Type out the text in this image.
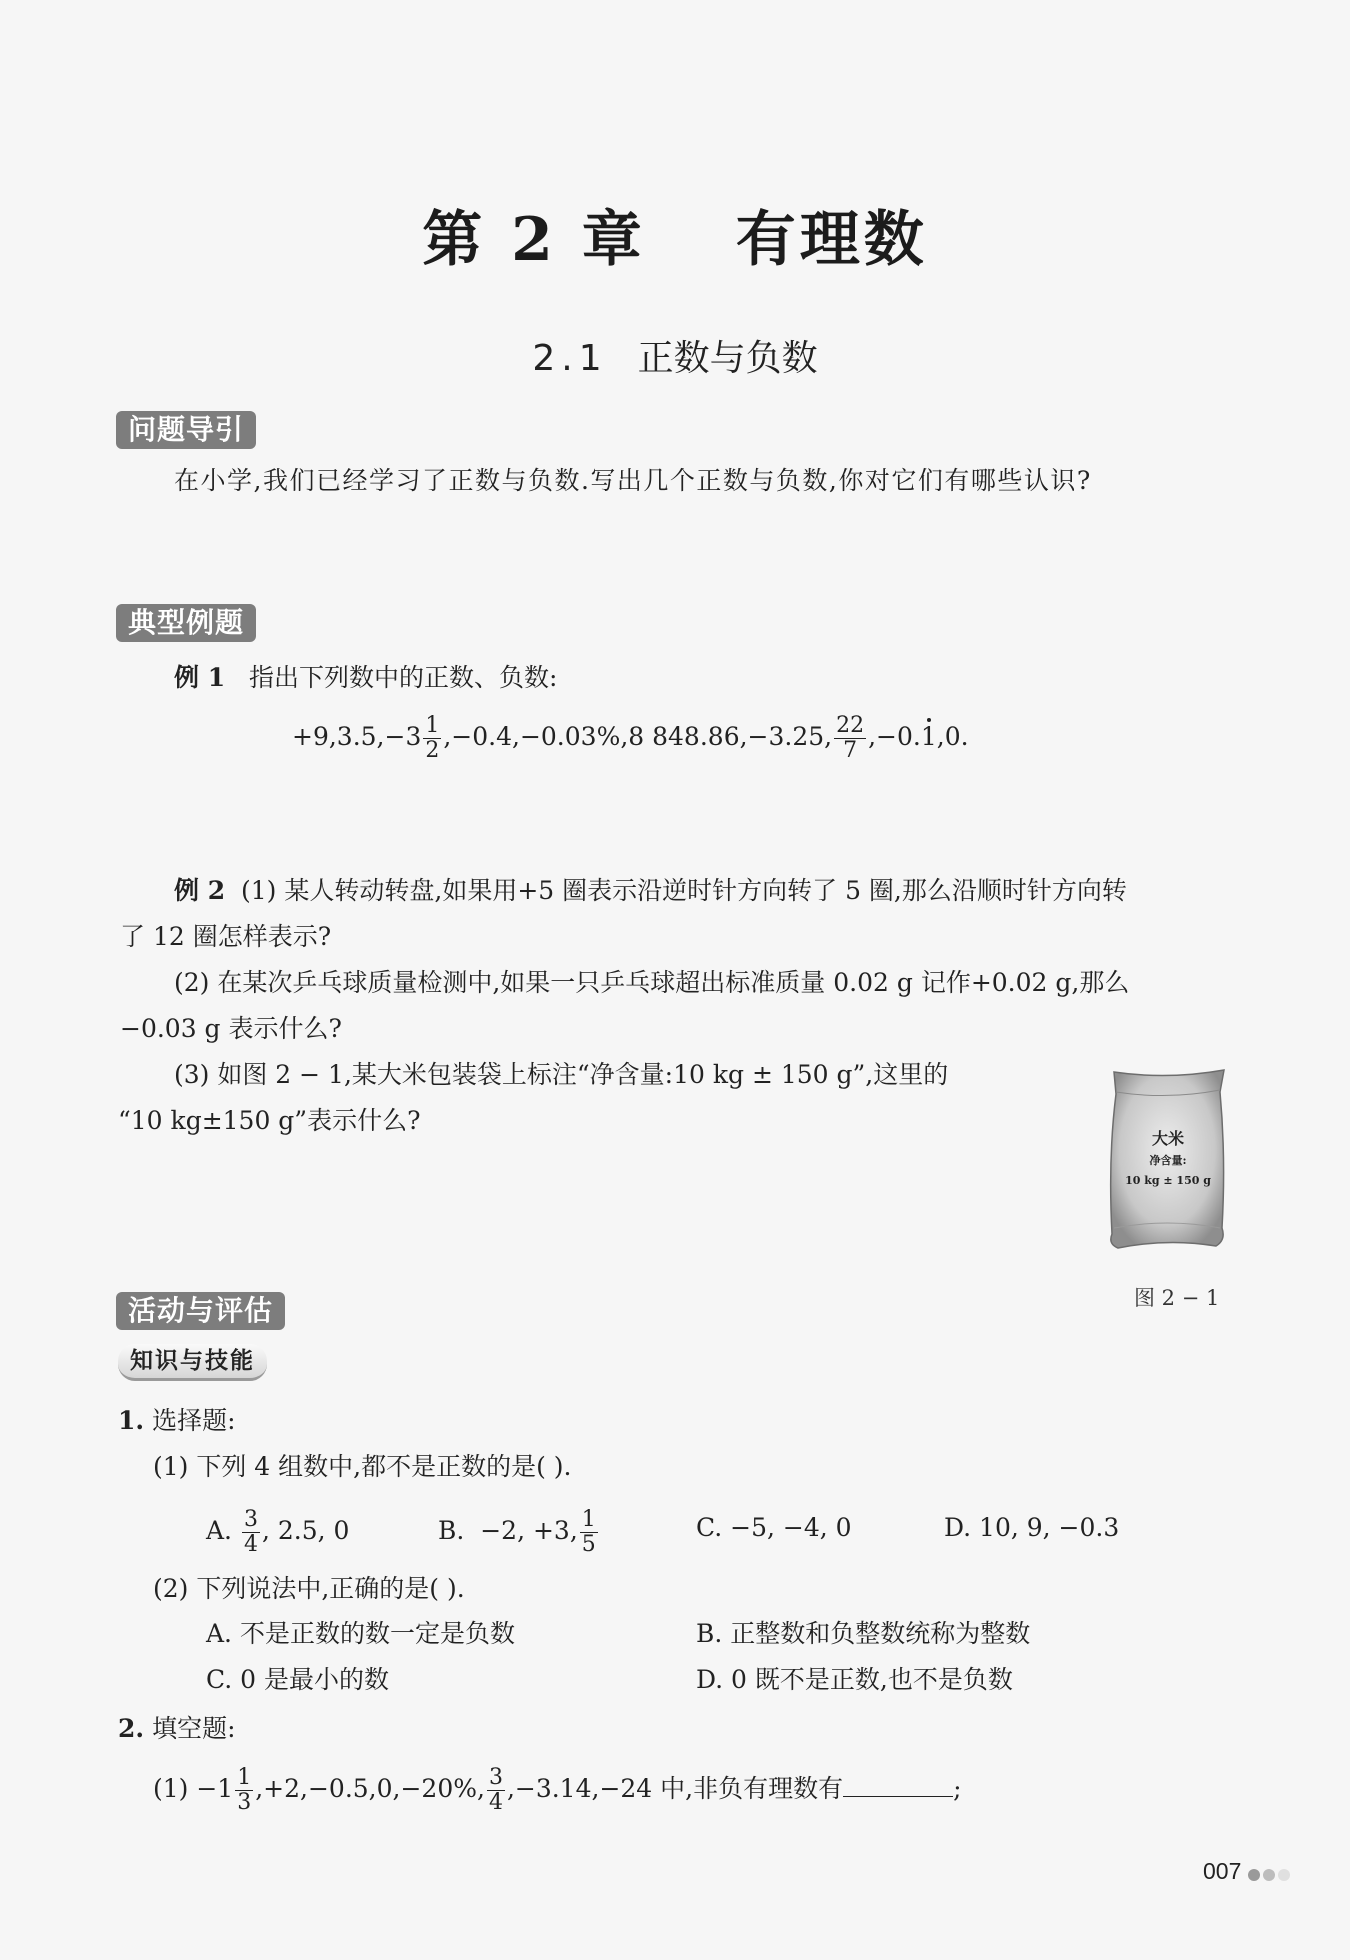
第 2 章 有理数
2.1 正数与负数
问题导引
在小学,我们已经学习了正数与负数.写出几个正数与负数,你对它们有哪些认识?
典型例题
例 1 指出下列数中的正数、负数:
$+9,3.5,-3 \frac{1}{2} ,-0.4,-0.03\%,8$ 848.86,−3.25, $\frac{22}{7} ,-0.1,0$.
例 2 (1) 某人转动转盘,如果用+5 圈表示沿逆时针方向转了 5 圈,那么沿顺时针方向转
了 12 圈怎样表示?
(2) 在某次乒乓球质量检测中,如果一只乒乓球超出标准质量 0.02 g 记作+0.02 g,那么
−0.03 g 表示什么?
(3) 如图 2 − 1,某大米包装袋上标注“净含量:10 kg ± 150 g”,这里的
“10 kg±150 g”表示什么?
大米
净含量:
10 kg ± 150 g
图 2 − 1
活动与评估
知识与技能
1. 选择题:
(1) 下列 4 组数中,都不是正数的是( ).
A. $\frac{3}{4}$ , 2.5, 0	B. −2, +3, $\frac{1}{5}$	C. −5, −4, 0	D. 10, 9, −0.3
(2) 下列说法中,正确的是( ).
A. 不是正数的数一定是负数	B. 正整数和负整数统称为整数
C. 0 是最小的数	D. 0 既不是正数,也不是负数
2. 填空题:
$(1) -1 \frac{1}{3} ,+2,-0.5,0,-20\%$, $\frac{3}{4} ,-3.14,-24$ 中,非负有理数有	;
007
